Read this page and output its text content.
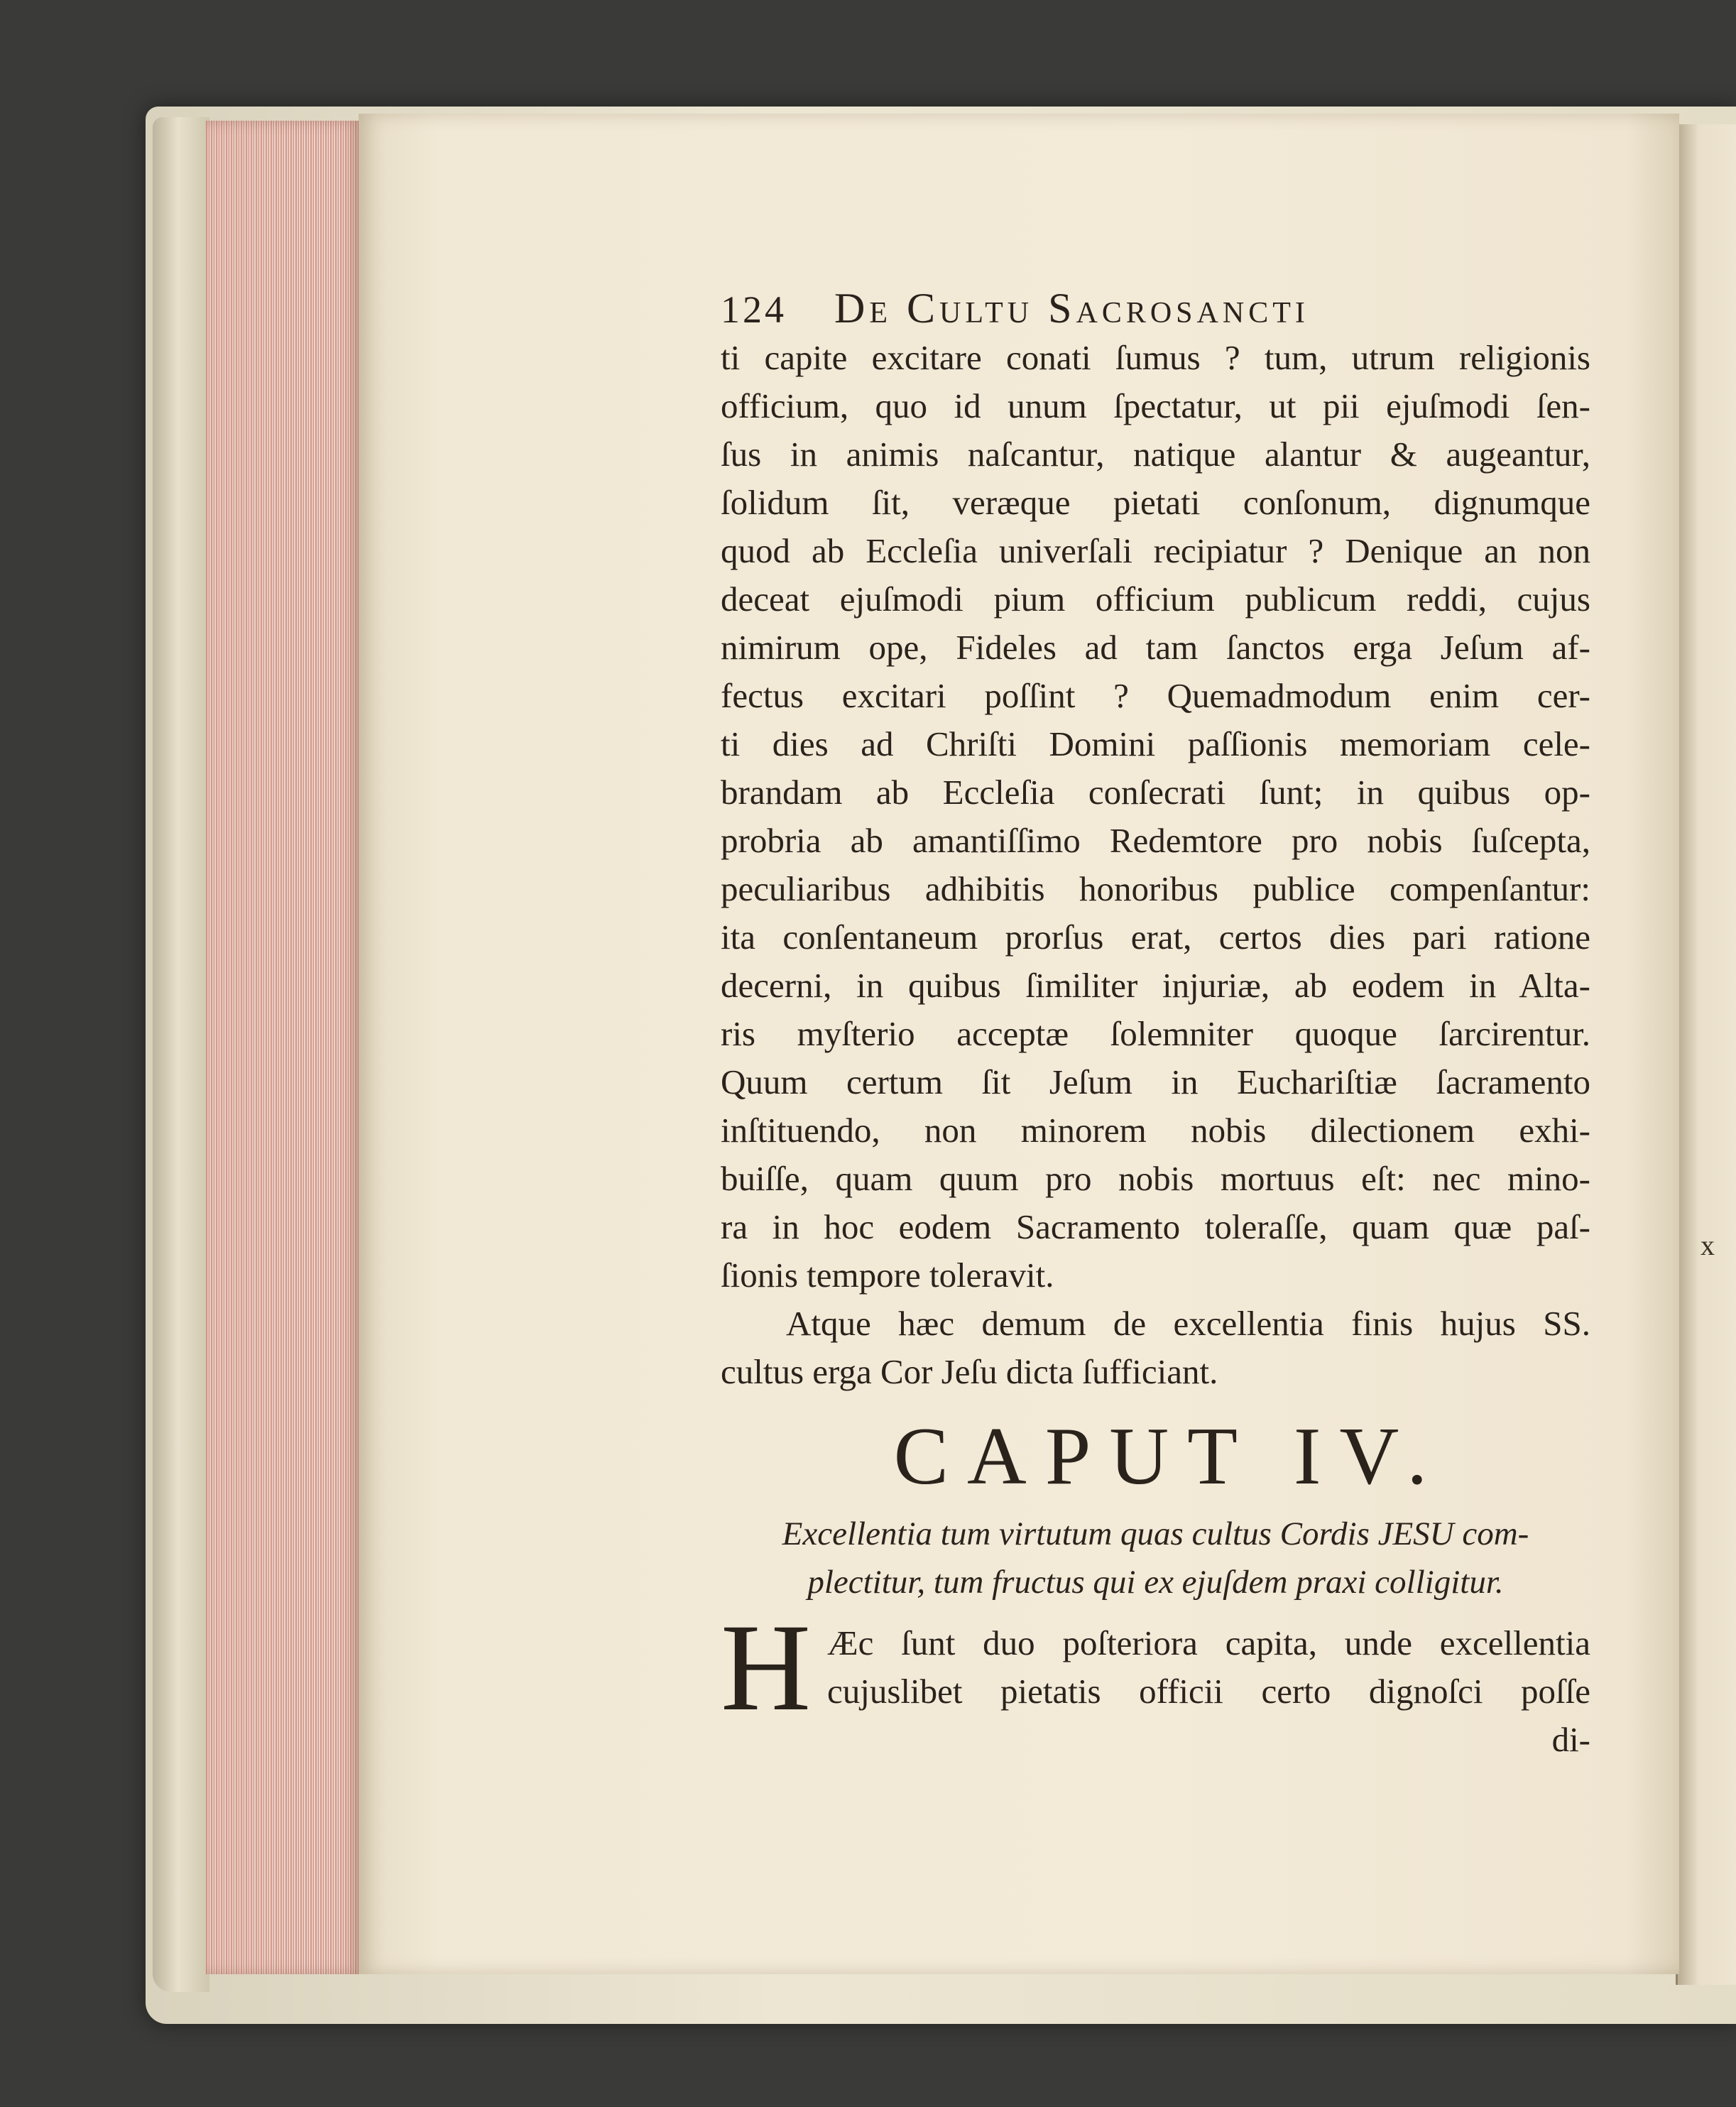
x
124	De Cultu Sacrosancti
ti capite excitare conati ſumus ? tum, utrum religionis
officium, quo id unum ſpectatur, ut pii ejuſmodi ſen-
ſus in animis naſcantur, natique alantur & augeantur,
ſolidum ſit, veræque pietati conſonum, dignumque
quod ab Eccleſia univerſali recipiatur ? Denique an non
deceat ejuſmodi pium officium publicum reddi, cujus
nimirum ope, Fideles ad tam ſanctos erga Jeſum af-
fectus excitari poſſint ? Quemadmodum enim cer-
ti dies ad Chriſti Domini paſſionis memoriam cele-
brandam ab Eccleſia conſecrati ſunt; in quibus op-
probria ab amantiſſimo Redemtore pro nobis ſuſcepta,
peculiaribus adhibitis honoribus publice compenſantur:
ita conſentaneum prorſus erat, certos dies pari ratione
decerni, in quibus ſimiliter injuriæ, ab eodem in Alta-
ris myſterio acceptæ ſolemniter quoque ſarcirentur.
Quum certum ſit Jeſum in Euchariſtiæ ſacramento
inſtituendo, non minorem nobis dilectionem exhi-
buiſſe, quam quum pro nobis mortuus eſt: nec mino-
ra in hoc eodem Sacramento toleraſſe, quam quæ paſ-
ſionis tempore toleravit.
Atque hæc demum de excellentia finis hujus SS.
cultus erga Cor Jeſu dicta ſufficiant.
CAPUT IV.
Excellentia tum virtutum quas cultus Cordis JESU com-
plectitur, tum fructus qui ex ejuſdem praxi colligitur.
H Æc ſunt duo poſteriora capita, unde excellentia
cujuslibet pietatis officii certo dignoſci poſſe
di-
